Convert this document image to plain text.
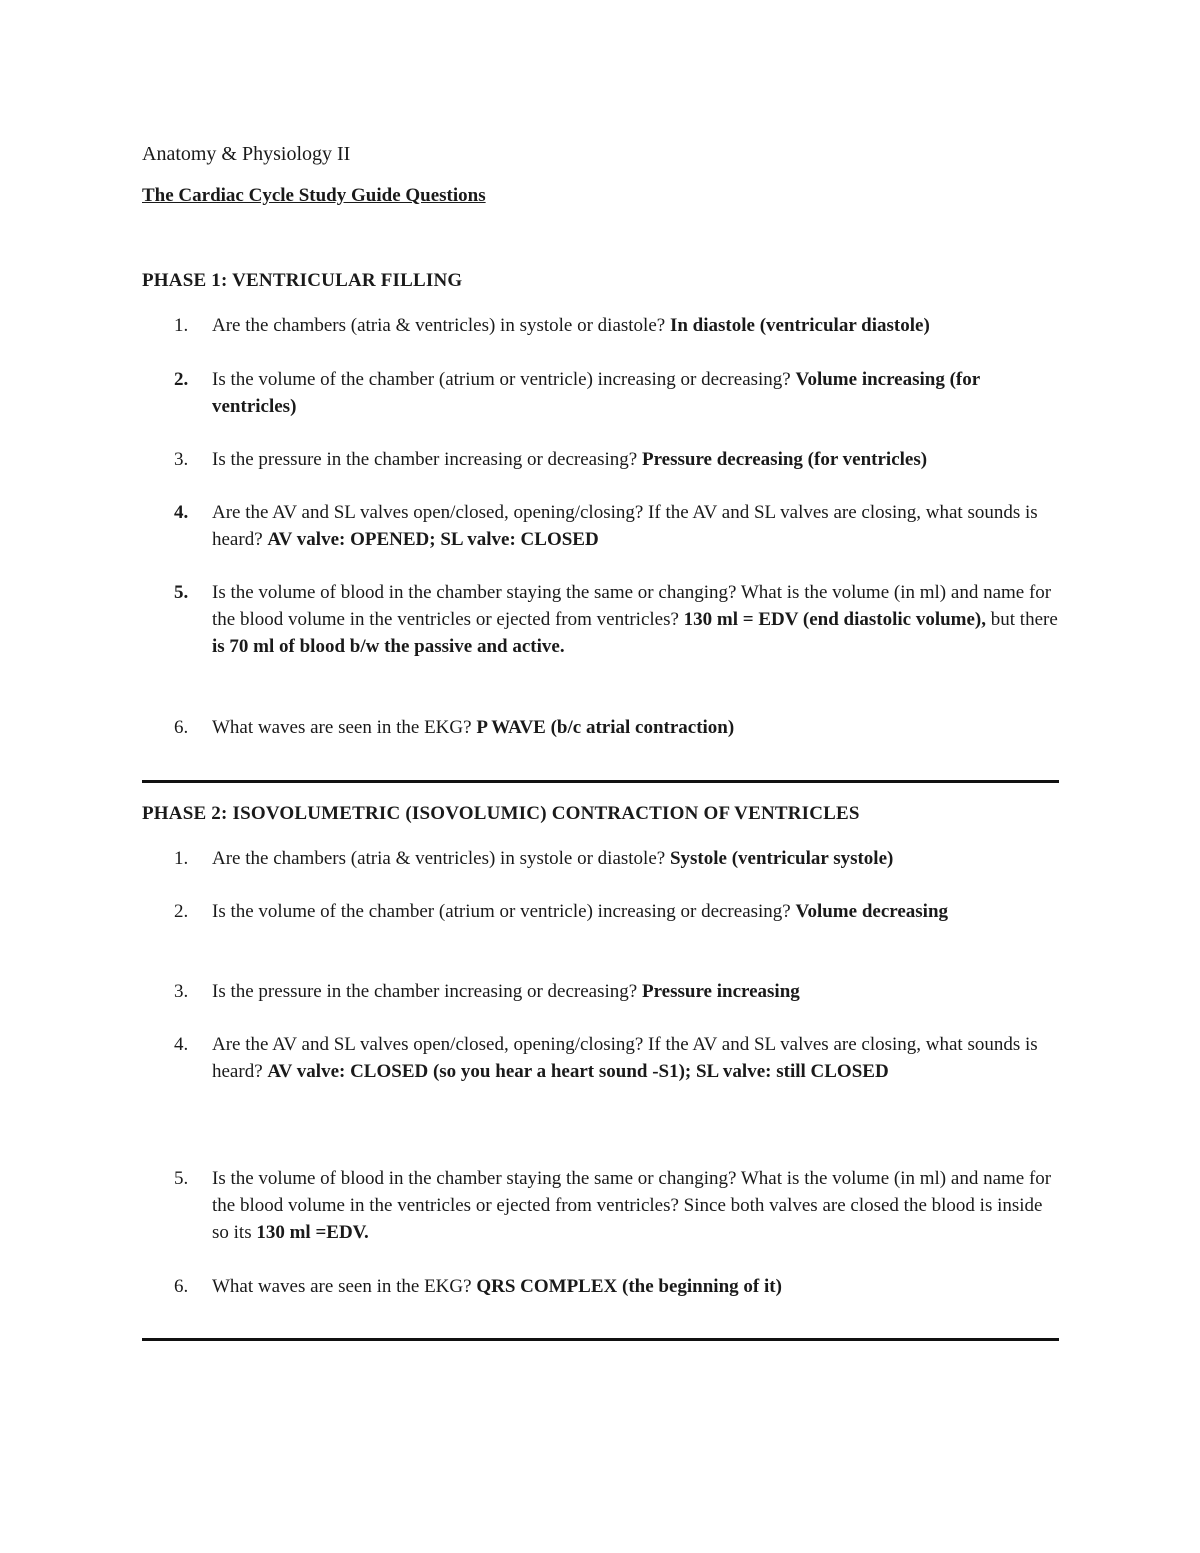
Anatomy & Physiology II
The Cardiac Cycle Study Guide Questions
PHASE 1: VENTRICULAR FILLING
1.	Are the chambers (atria & ventricles) in systole or diastole? In diastole (ventricular diastole)
2.	Is the volume of the chamber (atrium or ventricle) increasing or decreasing? Volume increasing (for ventricles)
3.	Is the pressure in the chamber increasing or decreasing? Pressure decreasing (for ventricles)
4.	Are the AV and SL valves open/closed, opening/closing? If the AV and SL valves are closing, what sounds is heard? AV valve: OPENED; SL valve: CLOSED
5.	Is the volume of blood in the chamber staying the same or changing? What is the volume (in ml) and name for the blood volume in the ventricles or ejected from ventricles? 130 ml = EDV (end diastolic volume), but there is 70 ml of blood b/w the passive and active.
6.	What waves are seen in the EKG? P WAVE (b/c atrial contraction)
PHASE 2: ISOVOLUMETRIC (ISOVOLUMIC) CONTRACTION OF VENTRICLES
1.	Are the chambers (atria & ventricles) in systole or diastole? Systole (ventricular systole)
2.	Is the volume of the chamber (atrium or ventricle) increasing or decreasing? Volume decreasing
3.	Is the pressure in the chamber increasing or decreasing? Pressure increasing
4.	Are the AV and SL valves open/closed, opening/closing? If the AV and SL valves are closing, what sounds is heard? AV valve: CLOSED (so you hear a heart sound -S1); SL valve: still CLOSED
5.	Is the volume of blood in the chamber staying the same or changing? What is the volume (in ml) and name for the blood volume in the ventricles or ejected from ventricles? Since both valves are closed the blood is inside so its 130 ml =EDV.
6.	What waves are seen in the EKG? QRS COMPLEX (the beginning of it)
